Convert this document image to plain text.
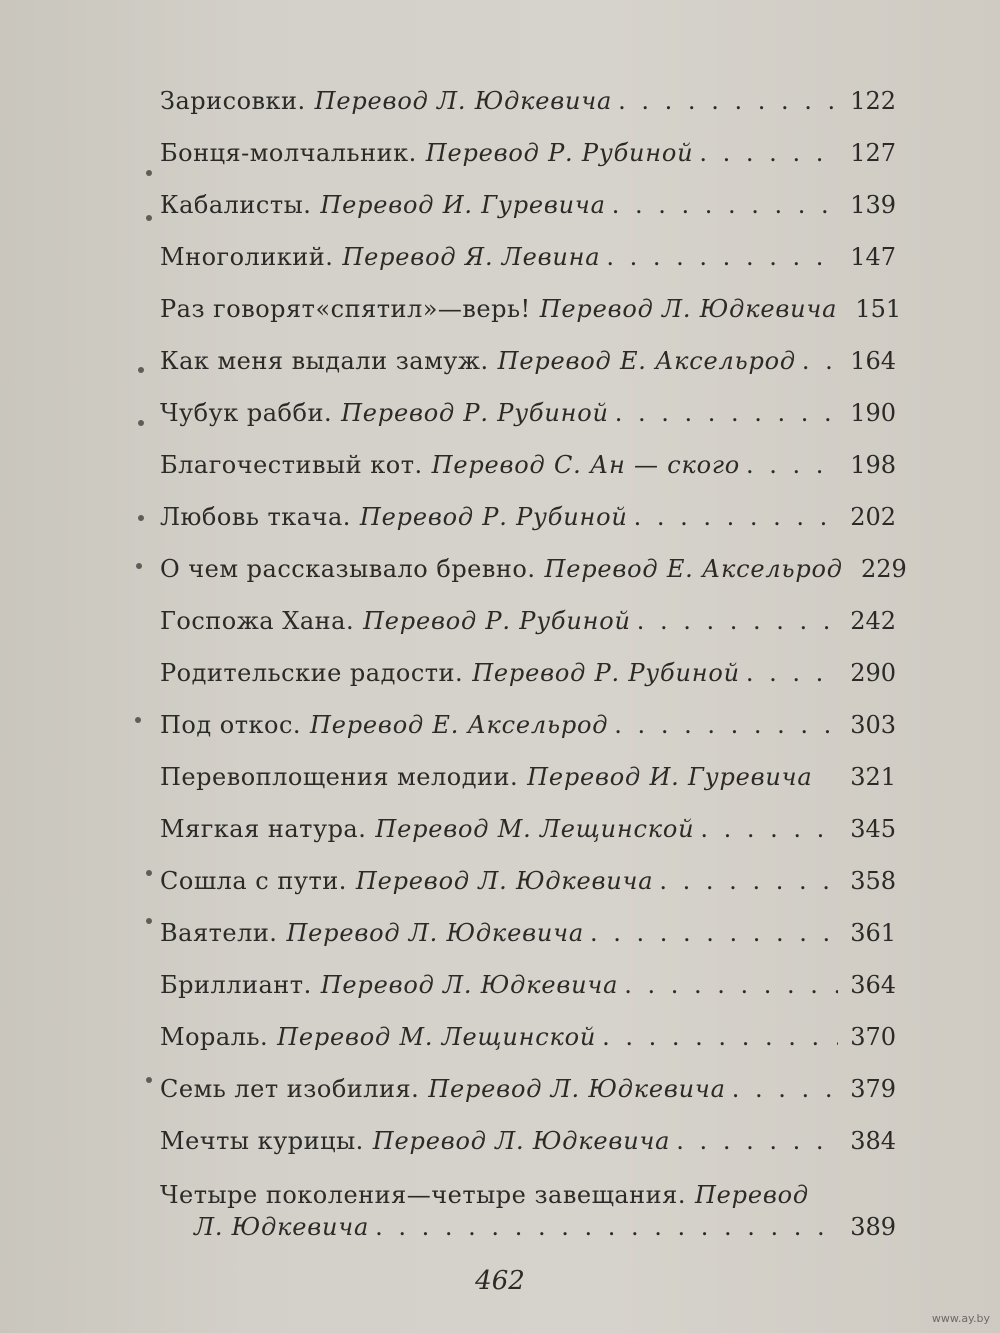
Зарисовки. Перевод Л. Юдкевича . . .	122
Бонця-молчальник. Перевод Р. Рубиной . . .	127
Кабалисты. Перевод И. Гуревича . . .	139
Многоликий. Перевод Я. Левина . . .	147
Раз говорят«спятил»—верь! Перевод Л. Юдкевича 151
Как меня выдали замуж. Перевод Е. Аксельрод . . . 164
Чубук рабби. Перевод Р. Рубиной . . .	190
Благочестивый кот. Перевод С. Ан — ского . . .	198
Любовь ткача. Перевод Р. Рубиной . . .	202
О чем рассказывало бревно. Перевод Е. Аксельрод 229
Госпожа Хана. Перевод Р. Рубиной . . .	242
Родительские радости. Перевод Р. Рубиной . . .	290
Под откос. Перевод Е. Аксельрод . . .	303
Перевоплощения мелодии. Перевод И. Гуревича 321
Мягкая натура. Перевод М. Лещинской . . .	345
Сошла с пути. Перевод Л. Юдкевича . . .	358
Ваятели. Перевод Л. Юдкевича . . .	361
Бриллиант. Перевод Л. Юдкевича . . .	364
Мораль. Перевод М. Лещинской . . .	370
Семь лет изобилия. Перевод Л. Юдкевича . . .	379
Мечты курицы. Перевод Л. Юдкевича . . .	384
Четыре поколения—четыре завещания. Перевод
Л. Юдкевича . . .	389
462
www.ay.by
